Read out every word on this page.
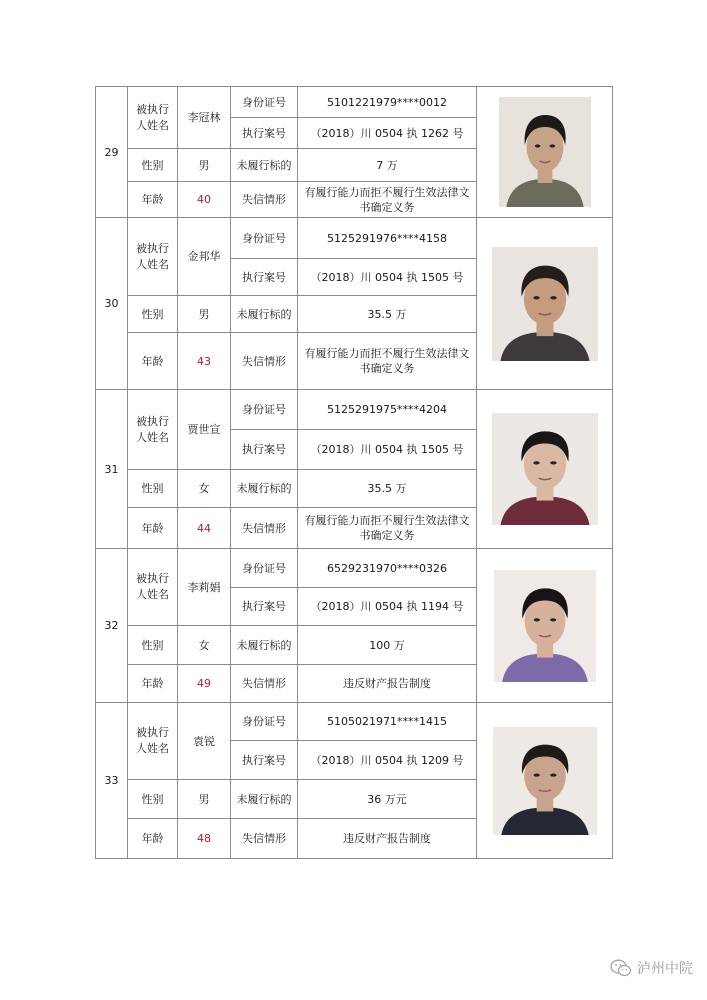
29	被执行人姓名	李冠林	身份证号	5101221979****0012	

执行案号	（2018）川 0504 执 1262 号
性别	男	未履行标的	7 万
年龄	40	失信情形	有履行能力而拒不履行生效法律文书确定义务
30	被执行人姓名	金邦华	身份证号	5125291976****4158	

执行案号	（2018）川 0504 执 1505 号
性别	男	未履行标的	35.5 万
年龄	43	失信情形	有履行能力而拒不履行生效法律文书确定义务
31	被执行人姓名	贾世宣	身份证号	5125291975****4204	

执行案号	（2018）川 0504 执 1505 号
性别	女	未履行标的	35.5 万
年龄	44	失信情形	有履行能力而拒不履行生效法律文书确定义务
32	被执行人姓名	李莉娟	身份证号	6529231970****0326	

执行案号	（2018）川 0504 执 1194 号
性别	女	未履行标的	100 万
年龄	49	失信情形	违反财产报告制度
33	被执行人姓名	袁锐	身份证号	5105021971****1415	

执行案号	（2018）川 0504 执 1209 号
性别	男	未履行标的	36 万元
年龄	48	失信情形	违反财产报告制度
泸州中院
